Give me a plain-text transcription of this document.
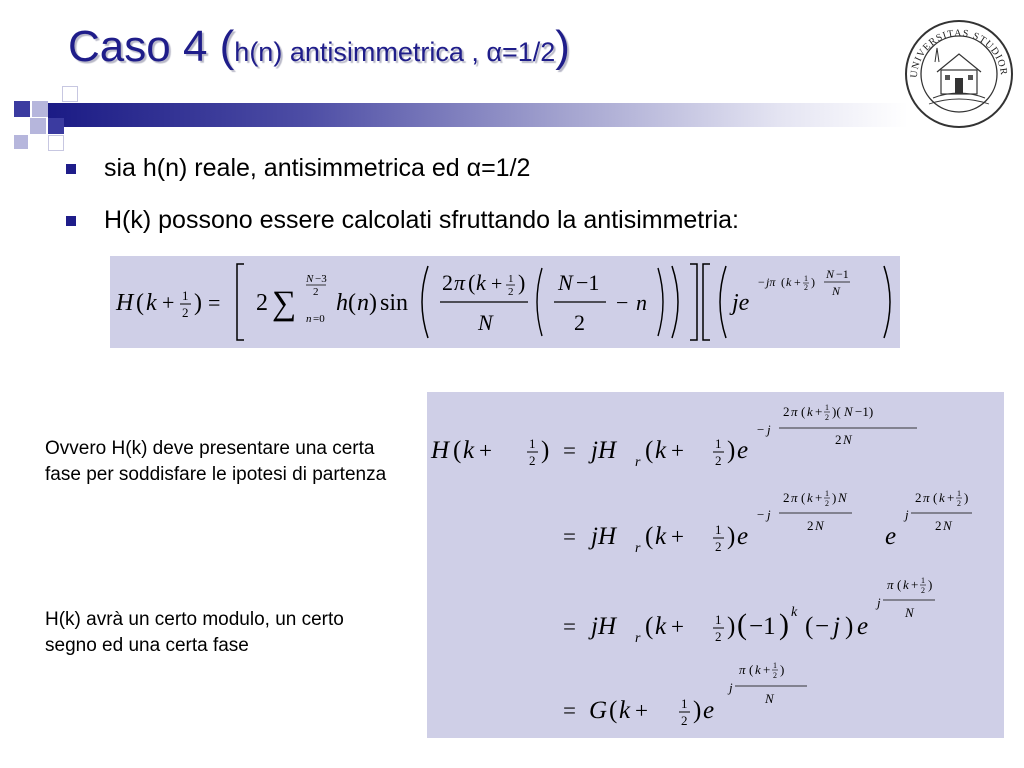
Caso 4 (h(n) antisimmetrica , α=1/2)
UNIVERSITAS STUDIOR
sia h(n) reale, antisimmetrica ed α=1/2
H(k) possono essere calcolati sfruttando la antisimmetria:
H ( k + 1
2 ) = 2 ∑
N −3
2
n =0
h ( n ) sin
2 π ( k + 1
2 )
N
N −1
2
− n	je
− jπ ( k + 1
2 )
N −1
N
Ovvero H(k) deve presentare una certa fase per soddisfare le ipotesi di partenza
H(k) avrà un certo modulo, un certo segno ed una certa fase
H ( k +	1
2 ) = jH r ( k + 1
2 ) e
− j
2 π ( k + 1
2 )( N −1)
2 N
= jH r ( k + 1
2 ) e
− j
2 π ( k + 1
2 ) N
2 N e
j
2 π ( k + 1
2 )
2 N
= jH r ( k + 1
2 ) ( −1 ) k
( − j ) e
j
π ( k + 1
2 )
N
= G ( k +	1
2 ) e
j
π ( k + 1
2 )
N
